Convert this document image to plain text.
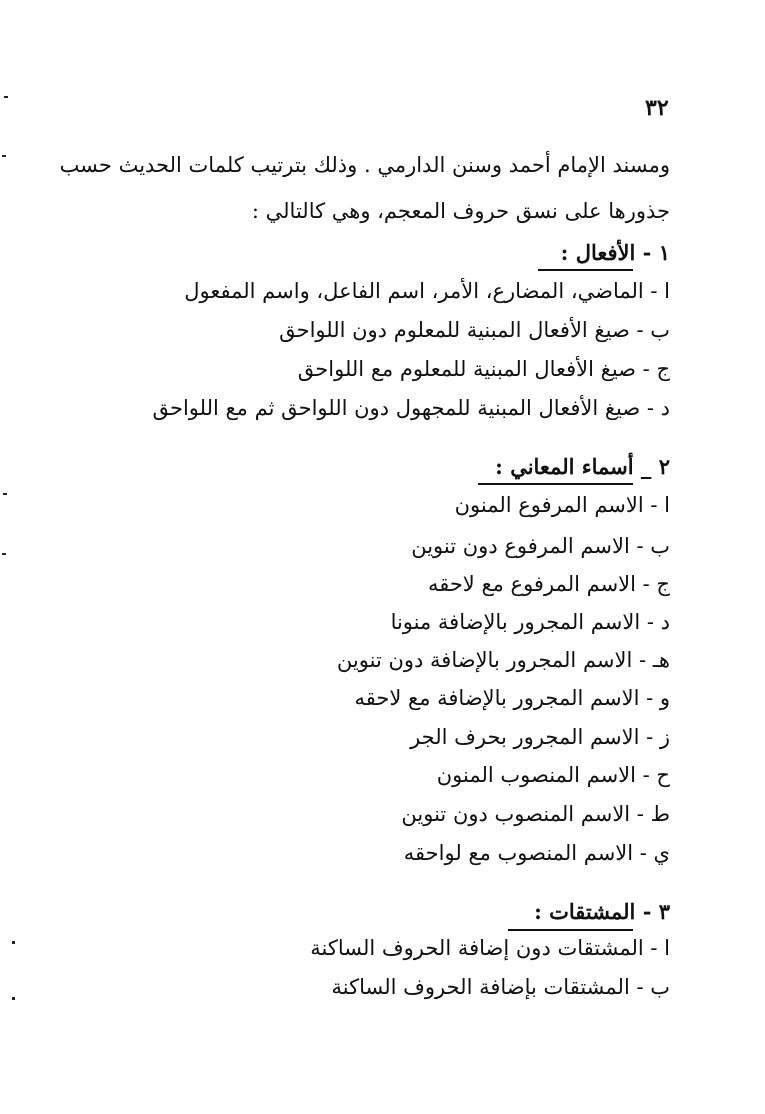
٣٢
ومسند الإمام أحمد وسنن الدارمي . وذلك بترتيب كلمات الحديث حسب
جذورها على نسق حروف المعجم، وهي كالتالي :
١ - الأفعال :
ا - الماضي، المضارع، الأمر، اسم الفاعل، واسم المفعول
ب - صيغ الأفعال المبنية للمعلوم دون اللواحق
ج - صيغ الأفعال المبنية للمعلوم مع اللواحق
د - صيغ الأفعال المبنية للمجهول دون اللواحق ثم مع اللواحق
٢ _ أسماء المعاني :
ا - الاسم المرفوع المنون
ب - الاسم المرفوع دون تنوين
ج - الاسم المرفوع مع لاحقه
د - الاسم المجرور بالإضافة منونا
هـ - الاسم المجرور بالإضافة دون تنوين
و - الاسم المجرور بالإضافة مع لاحقه
ز - الاسم المجرور بحرف الجر
ح - الاسم المنصوب المنون
ط - الاسم المنصوب دون تنوين
ي - الاسم المنصوب مع لواحقه
٣ - المشتقات :
ا - المشتقات دون إضافة الحروف الساكنة
ب - المشتقات بإضافة الحروف الساكنة
